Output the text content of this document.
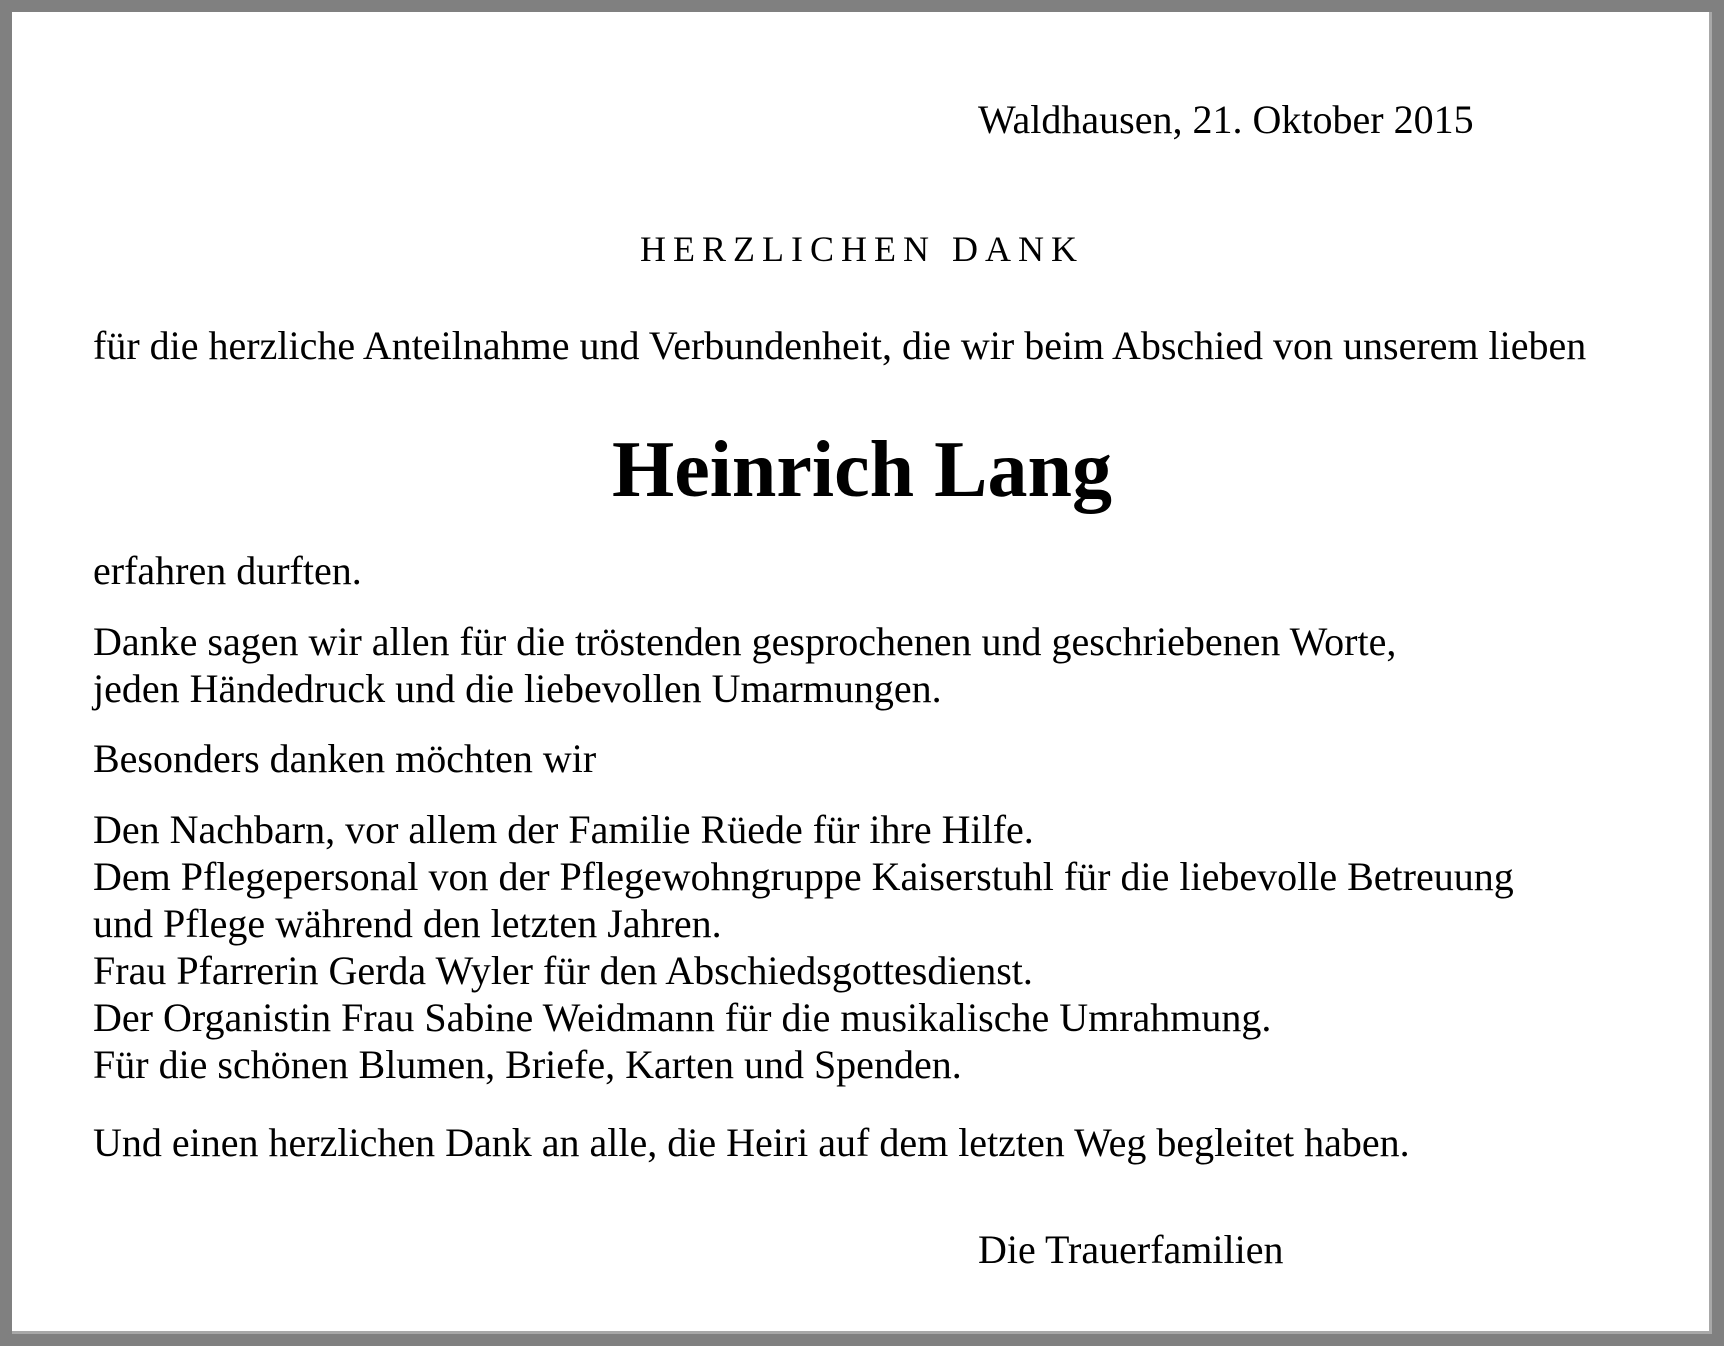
Waldhausen, 21. Oktober 2015
HERZLICHEN DANK
für die herzliche Anteilnahme und Verbundenheit, die wir beim Abschied von unserem lieben
Heinrich Lang
erfahren durften.
Danke sagen wir allen für die tröstenden gesprochenen und geschriebenen Worte,
jeden Händedruck und die liebevollen Umarmungen.
Besonders danken möchten wir
Den Nachbarn, vor allem der Familie Rüede für ihre Hilfe.
Dem Pflegepersonal von der Pflegewohngruppe Kaiserstuhl für die liebevolle Betreuung
und Pflege während den letzten Jahren.
Frau Pfarrerin Gerda Wyler für den Abschiedsgottesdienst.
Der Organistin Frau Sabine Weidmann für die musikalische Umrahmung.
Für die schönen Blumen, Briefe, Karten und Spenden.
Und einen herzlichen Dank an alle, die Heiri auf dem letzten Weg begleitet haben.
Die Trauerfamilien
